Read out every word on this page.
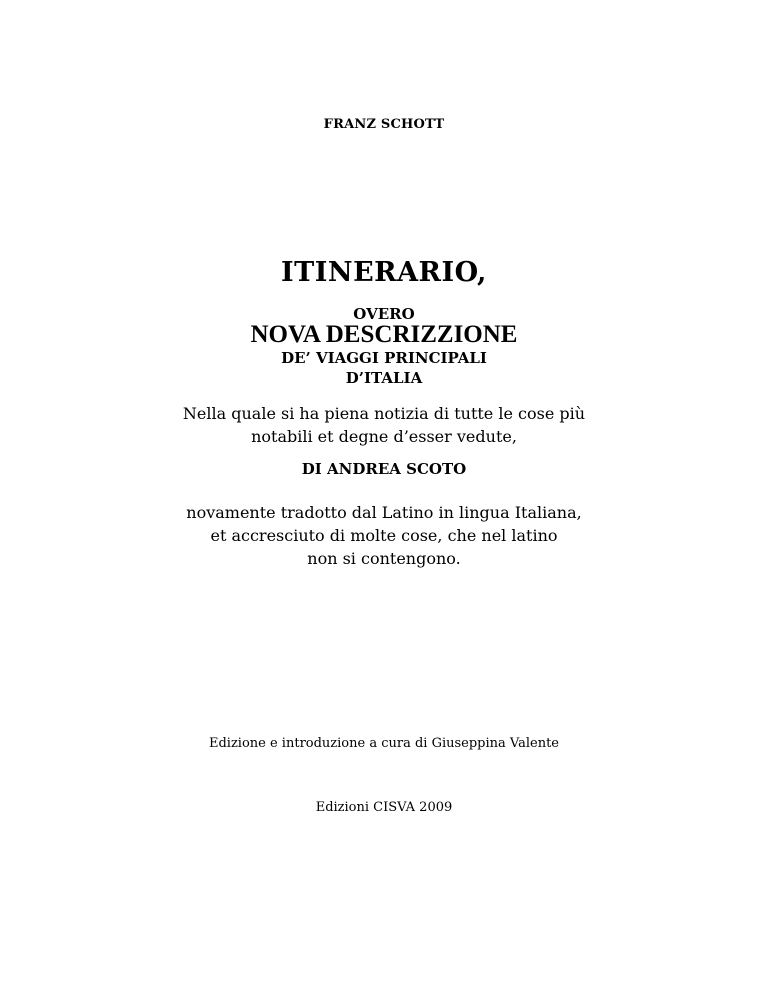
FRANZ SCHOTT
ITINERARIO,
OVERO
NOVA DESCRIZZIONE
DE’ VIAGGI PRINCIPALI
D’ITALIA
Nella quale si ha piena notizia di tutte le cose più
notabili et degne d’esser vedute,
DI ANDREA SCOTO
novamente tradotto dal Latino in lingua Italiana,
et accresciuto di molte cose, che nel latino
non si contengono.
Edizione e introduzione a cura di Giuseppina Valente
Edizioni CISVA 2009
